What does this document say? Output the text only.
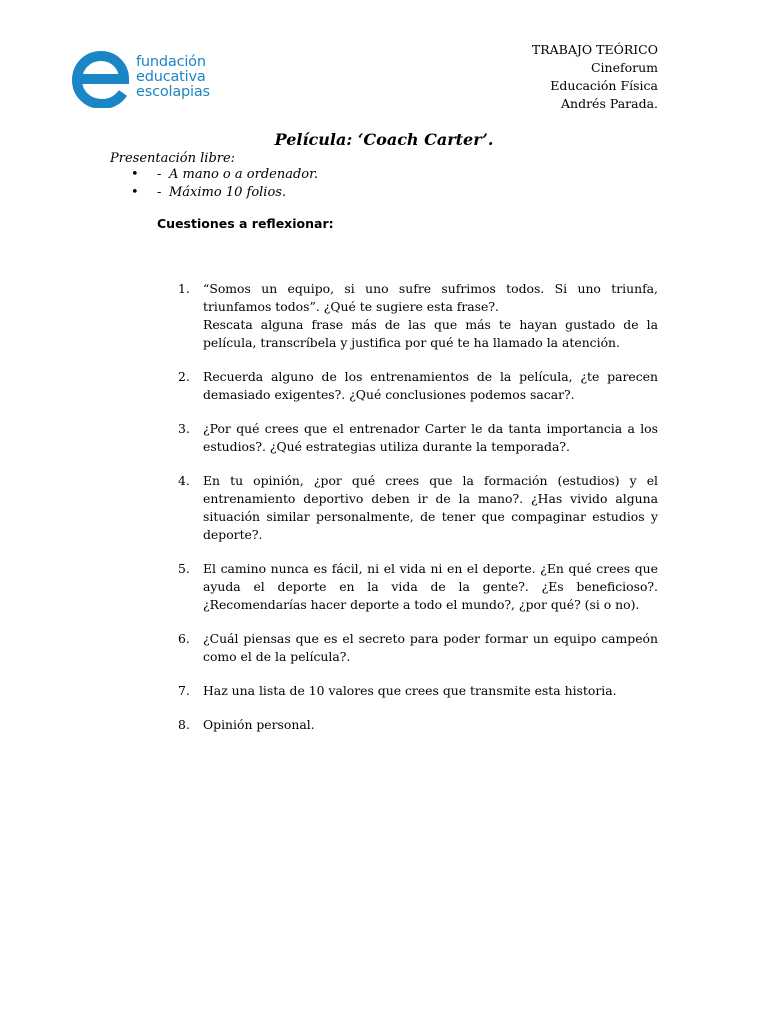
fundación
educativa
escolapias
TRABAJO TEÓRICO
Cineforum
Educación Física
Andrés Parada.
Película: ‘Coach Carter’.
Presentación libre:
•	- A mano o a ordenador.
•	- Máximo 10 folios.
Cuestiones a reflexionar:
1.	“Somos un equipo, si uno sufre sufrimos todos. Si uno triunfa, triunfamos todos”. ¿Qué te sugiere esta frase?.
Rescata alguna frase más de las que más te hayan gustado de la película, transcríbela y justifica por qué te ha llamado la atención.
2.	Recuerda alguno de los entrenamientos de la película, ¿te parecen demasiado exigentes?. ¿Qué conclusiones podemos sacar?.
3.	¿Por qué crees que el entrenador Carter le da tanta importancia a los estudios?. ¿Qué estrategias utiliza durante la temporada?.
4.	En tu opinión, ¿por qué crees que la formación (estudios) y el entrenamiento deportivo deben ir de la mano?. ¿Has vivido alguna situación similar personalmente, de tener que compaginar estudios y deporte?.
5.	El camino nunca es fácil, ni el vida ni en el deporte. ¿En qué crees que ayuda el deporte en la vida de la gente?. ¿Es beneficioso?. ¿Recomendarías hacer deporte a todo el mundo?, ¿por qué? (si o no).
6.	¿Cuál piensas que es el secreto para poder formar un equipo campeón como el de la película?.
7.	Haz una lista de 10 valores que crees que transmite esta historia.
8.	Opinión personal.
